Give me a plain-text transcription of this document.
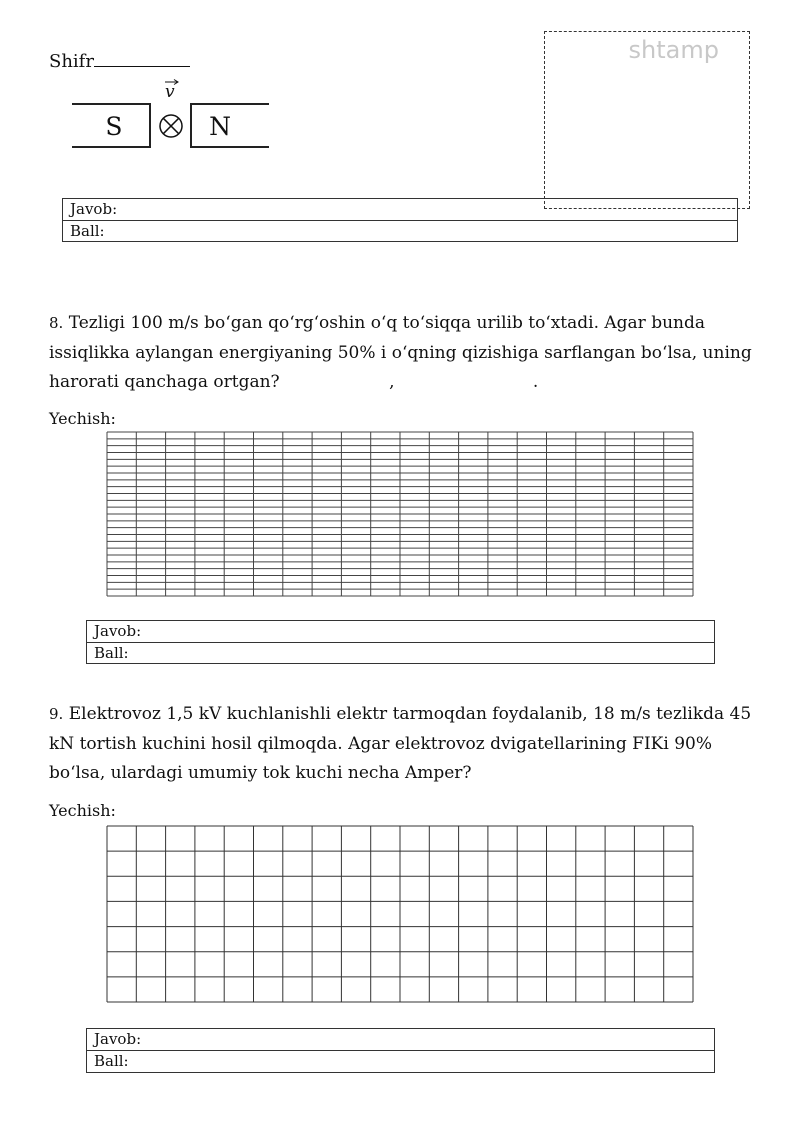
Shifr	shtamp
v
S	N
Javob:
Ball:
8. Tezligi 100 m/s bo‘gan qo‘rg‘oshin o‘q to‘siqqa urilib to‘xtadi. Agar bunda issiqlikka aylangan energiyaning 50% i o‘qning qizishiga sarflangan bo‘lsa, uning harorati qanchaga ortgan?	,	.
Yechish:
Javob:
Ball:
9. Elektrovoz 1,5 kV kuchlanishli elektr tarmoqdan foydalanib, 18 m/s tezlikda 45 kN tortish kuchini hosil qilmoqda. Agar elektrovoz dvigatellarining FIKi 90% bo‘lsa, ulardagi umumiy tok kuchi necha Amper?
Yechish:
Javob:
Ball:
